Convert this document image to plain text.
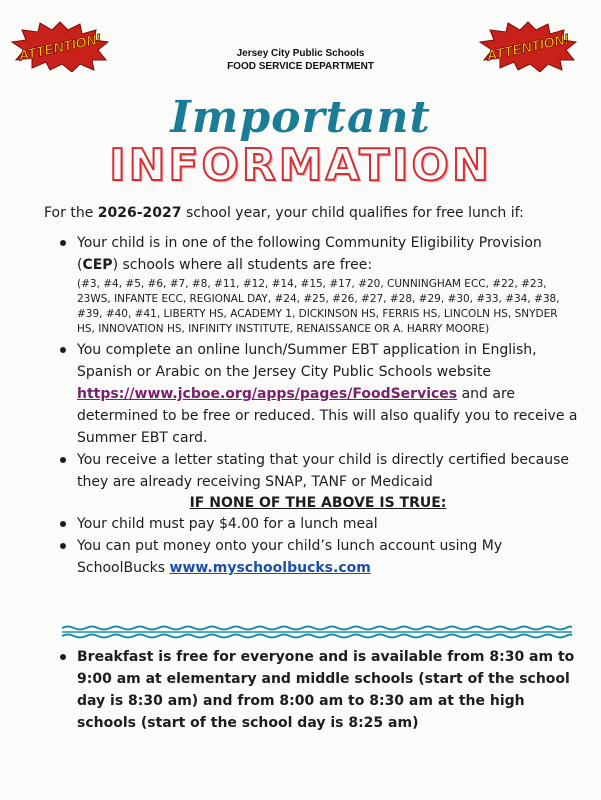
ATTENTION!	ATTENTION!
Jersey City Public Schools
FOOD SERVICE DEPARTMENT
Important
INFORMATION
For the 2026-2027 school year, your child qualifies for free lunch if:
Your child is in one of the following Community Eligibility Provision (CEP) schools where all students are free:
(#3, #4, #5, #6, #7, #8, #11, #12, #14, #15, #17, #20, CUNNINGHAM ECC, #22, #23, 23WS, INFANTE ECC, REGIONAL DAY, #24, #25, #26, #27, #28, #29, #30, #33, #34, #38, #39, #40, #41, LIBERTY HS, ACADEMY 1, DICKINSON HS, FERRIS HS, LINCOLN HS, SNYDER HS, INNOVATION HS, INFINITY INSTITUTE, RENAISSANCE OR A. HARRY MOORE)
You complete an online lunch/Summer EBT application in English, Spanish or Arabic on the Jersey City Public Schools website https://www.jcboe.org/apps/pages/FoodServices and are determined to be free or reduced. This will also qualify you to receive a Summer EBT card.
You receive a letter stating that your child is directly certified because they are already receiving SNAP, TANF or Medicaid
IF NONE OF THE ABOVE IS TRUE:
Your child must pay $4.00 for a lunch meal
You can put money onto your child’s lunch account using My SchoolBucks www.myschoolbucks.com
Breakfast is free for everyone and is available from 8:30 am to 9:00 am at elementary and middle schools (start of the school day is 8:30 am) and from 8:00 am to 8:30 am at the high schools (start of the school day is 8:25 am)
